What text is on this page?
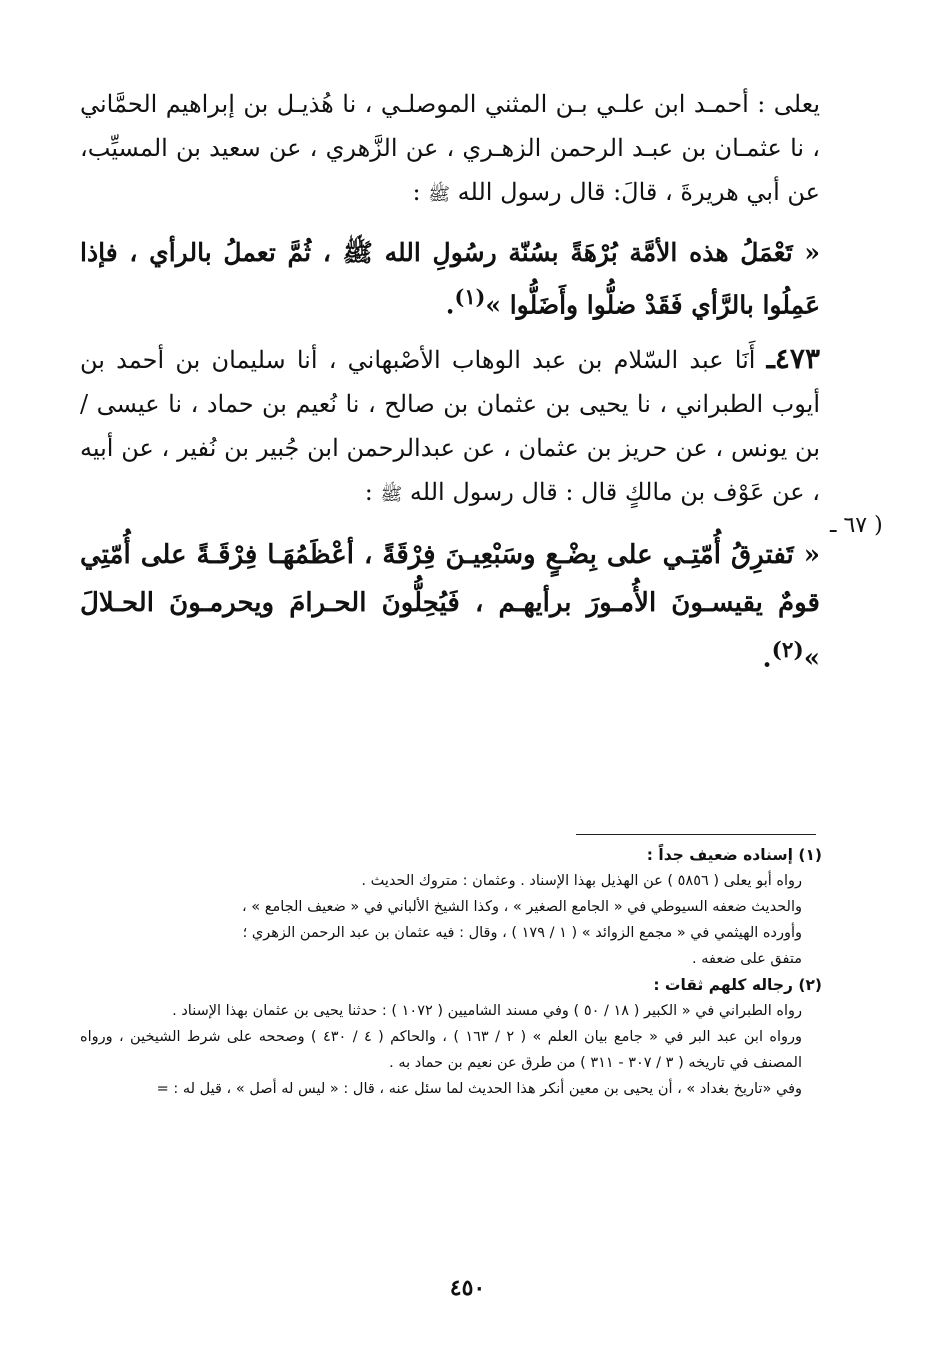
يعلى : أحمـد ابن علـي بـن المثني الموصلـي ، نا هُذيـل بن إبراهيم الحمَّاني ، نا عثمـان بن عبـد الرحمن الزهـري ، عن الزَّهري ، عن سعيد بن المسيِّب، عن أبي هريرةَ ، قالَ: قال رسول الله ﷺ :

« تَعْمَلُ هذه الأمَّة بُرْهَةً بسُنّة رسُولِ الله ﷺ ، ثُمَّ تعملُ بالرأي ، فإذا عَمِلُوا بالرَّأي فَقَدْ ضلُّوا وأَضَلُّوا »$^{(١)}$.

٤٧٣ـ أَنَا عبد السّلام بن عبد الوهاب الأصْبهاني ، أنا سليمان بن أحمد بن أيوب الطبراني ، نا يحيى بن عثمان بن صالح ، نا نُعيم بن حماد ، نا عيسى / بن يونس ، عن حريز بن عثمان ، عن عبدالرحمن ابن جُبير بن نُفير ، عن أبيه ، عن عَوْف بن مالكٍ قال : قال رسول الله ﷺ :

« تَفترِقُ أُمّتِـي على بِضْـعٍ وسَبْعِيـنَ فِرْقَةً ، أعْظَمُهَـا فِرْقَـةً على أُمّتِي قومٌ يقيسـونَ الأُمـورَ برأيهـم ، فَيُحِلُّونَ الحـرامَ ويحرمـونَ الحـلالَ »$^{(٢)}$.

( ٦٧ ـ

(١) إسناده ضعيف جداً :

رواه أبو يعلى ( ٥٨٥٦ ) عن الهذيل بهذا الإسناد . وعثمان : متروك الحديث .

والحديث ضعفه السيوطي في « الجامع الصغير » ، وكذا الشيخ الألباني في « ضعيف الجامع » ،

وأورده الهيثمي في « مجمع الزوائد » ( ١ / ١٧٩ ) ، وقال : فيه عثمان بن عبد الرحمن الزهري ؛

متفق على ضعفه .

(٢) رجاله كلهم ثقات :

رواه الطبراني في « الكبير ( ١٨ / ٥٠ ) وفي مسند الشاميين ( ١٠٧٢ ) : حدثنا يحيى بن عثمان بهذا الإسناد .

ورواه ابن عبد البر في « جامع بيان العلم » ( ٢ / ١٦٣ ) ، والحاكم ( ٤ / ٤٣٠ ) وصححه على شرط الشيخين ، ورواه المصنف في تاريخه ( ٣ / ٣٠٧ - ٣١١ ) من طرق عن نعيم بن حماد به .

وفي «تاريخ بغداد » ، أن يحيى بن معين أنكر هذا الحديث لما سئل عنه ، قال : « ليس له أصل » ، قيل له : =

٤٥٠
